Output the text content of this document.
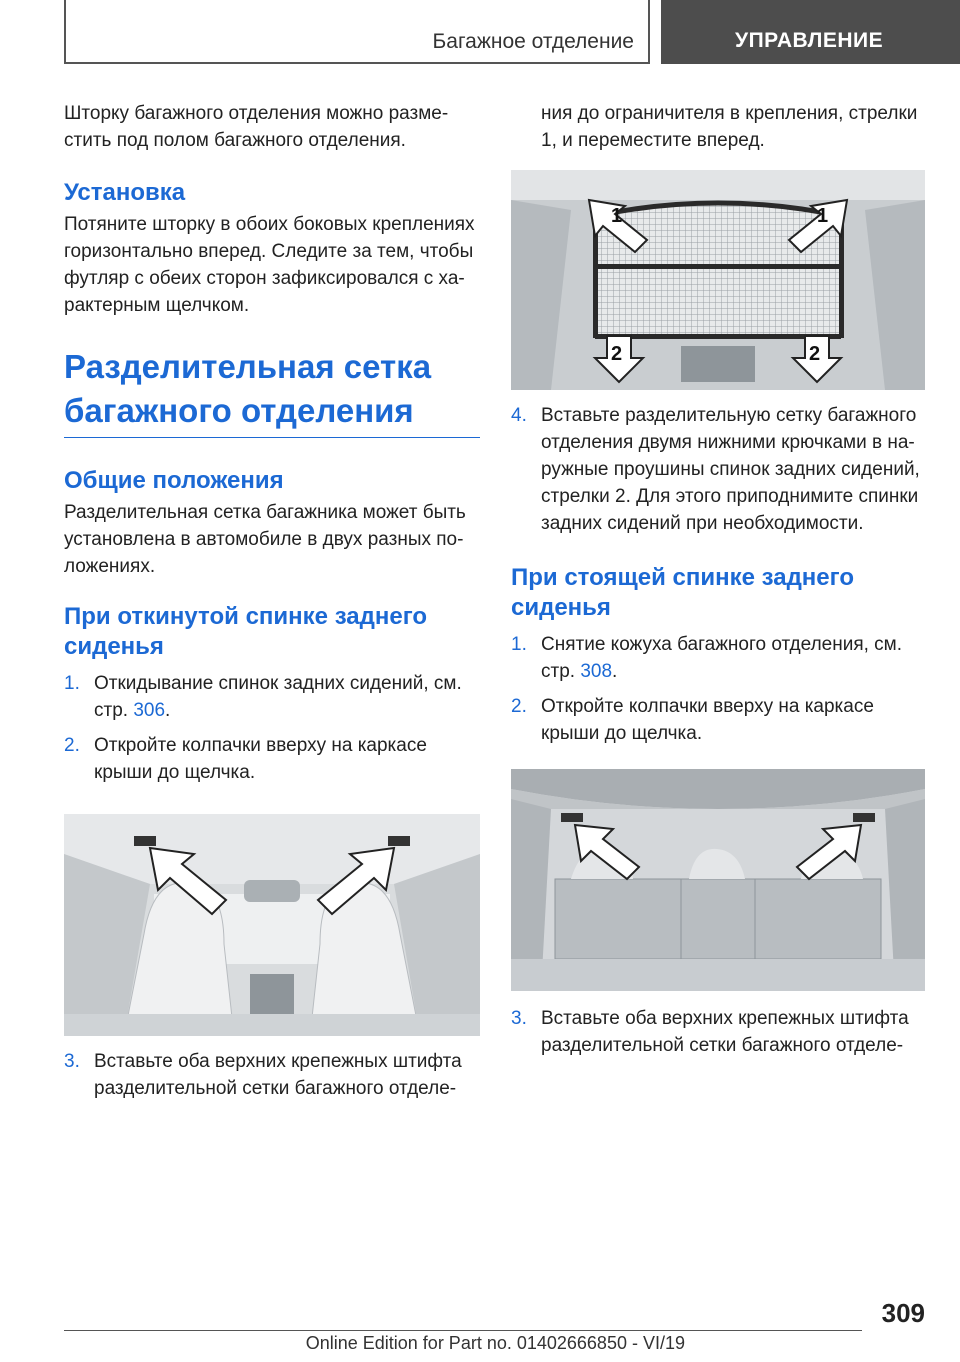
Багажное отделение	УПРАВЛЕНИЕ

Шторку багажного отделения можно разме-стить под полом багажного отделения.

Установка

Потяните шторку в обоих боковых креплениях горизонтально вперед. Следите за тем, чтобы футляр с обеих сторон зафиксировался с ха-рактерным щелчком.

Разделительная сетка багажного отделения
Общие положения

Разделительная сетка багажника может быть установлена в автомобиле в двух разных по-ложениях.

При откинутой спинке заднего сиденья
1. Откидывание спинок задних сидений, см. стр. 306.
2. Откройте колпачки вверху на каркасе крыши до щелчка.
3. Вставьте оба верхних крепежных штифта разделительной сетки багажного отделе-
ния до ограничителя в крепления, стрелки 1, и переместите вперед.
1	1
2	2
4. Вставьте разделительную сетку багажного отделения двумя нижними крючками в на-ружные проушины спинок задних сидений, стрелки 2. Для этого приподнимите спинки задних сидений при необходимости.
При стоящей спинке заднего сиденья
1. Снятие кожуха багажного отделения, см. стр. 308.
2. Откройте колпачки вверху на каркасе крыши до щелчка.
3. Вставьте оба верхних крепежных штифта разделительной сетки багажного отделе-
309
Online Edition for Part no. 01402666850 - VI/19
